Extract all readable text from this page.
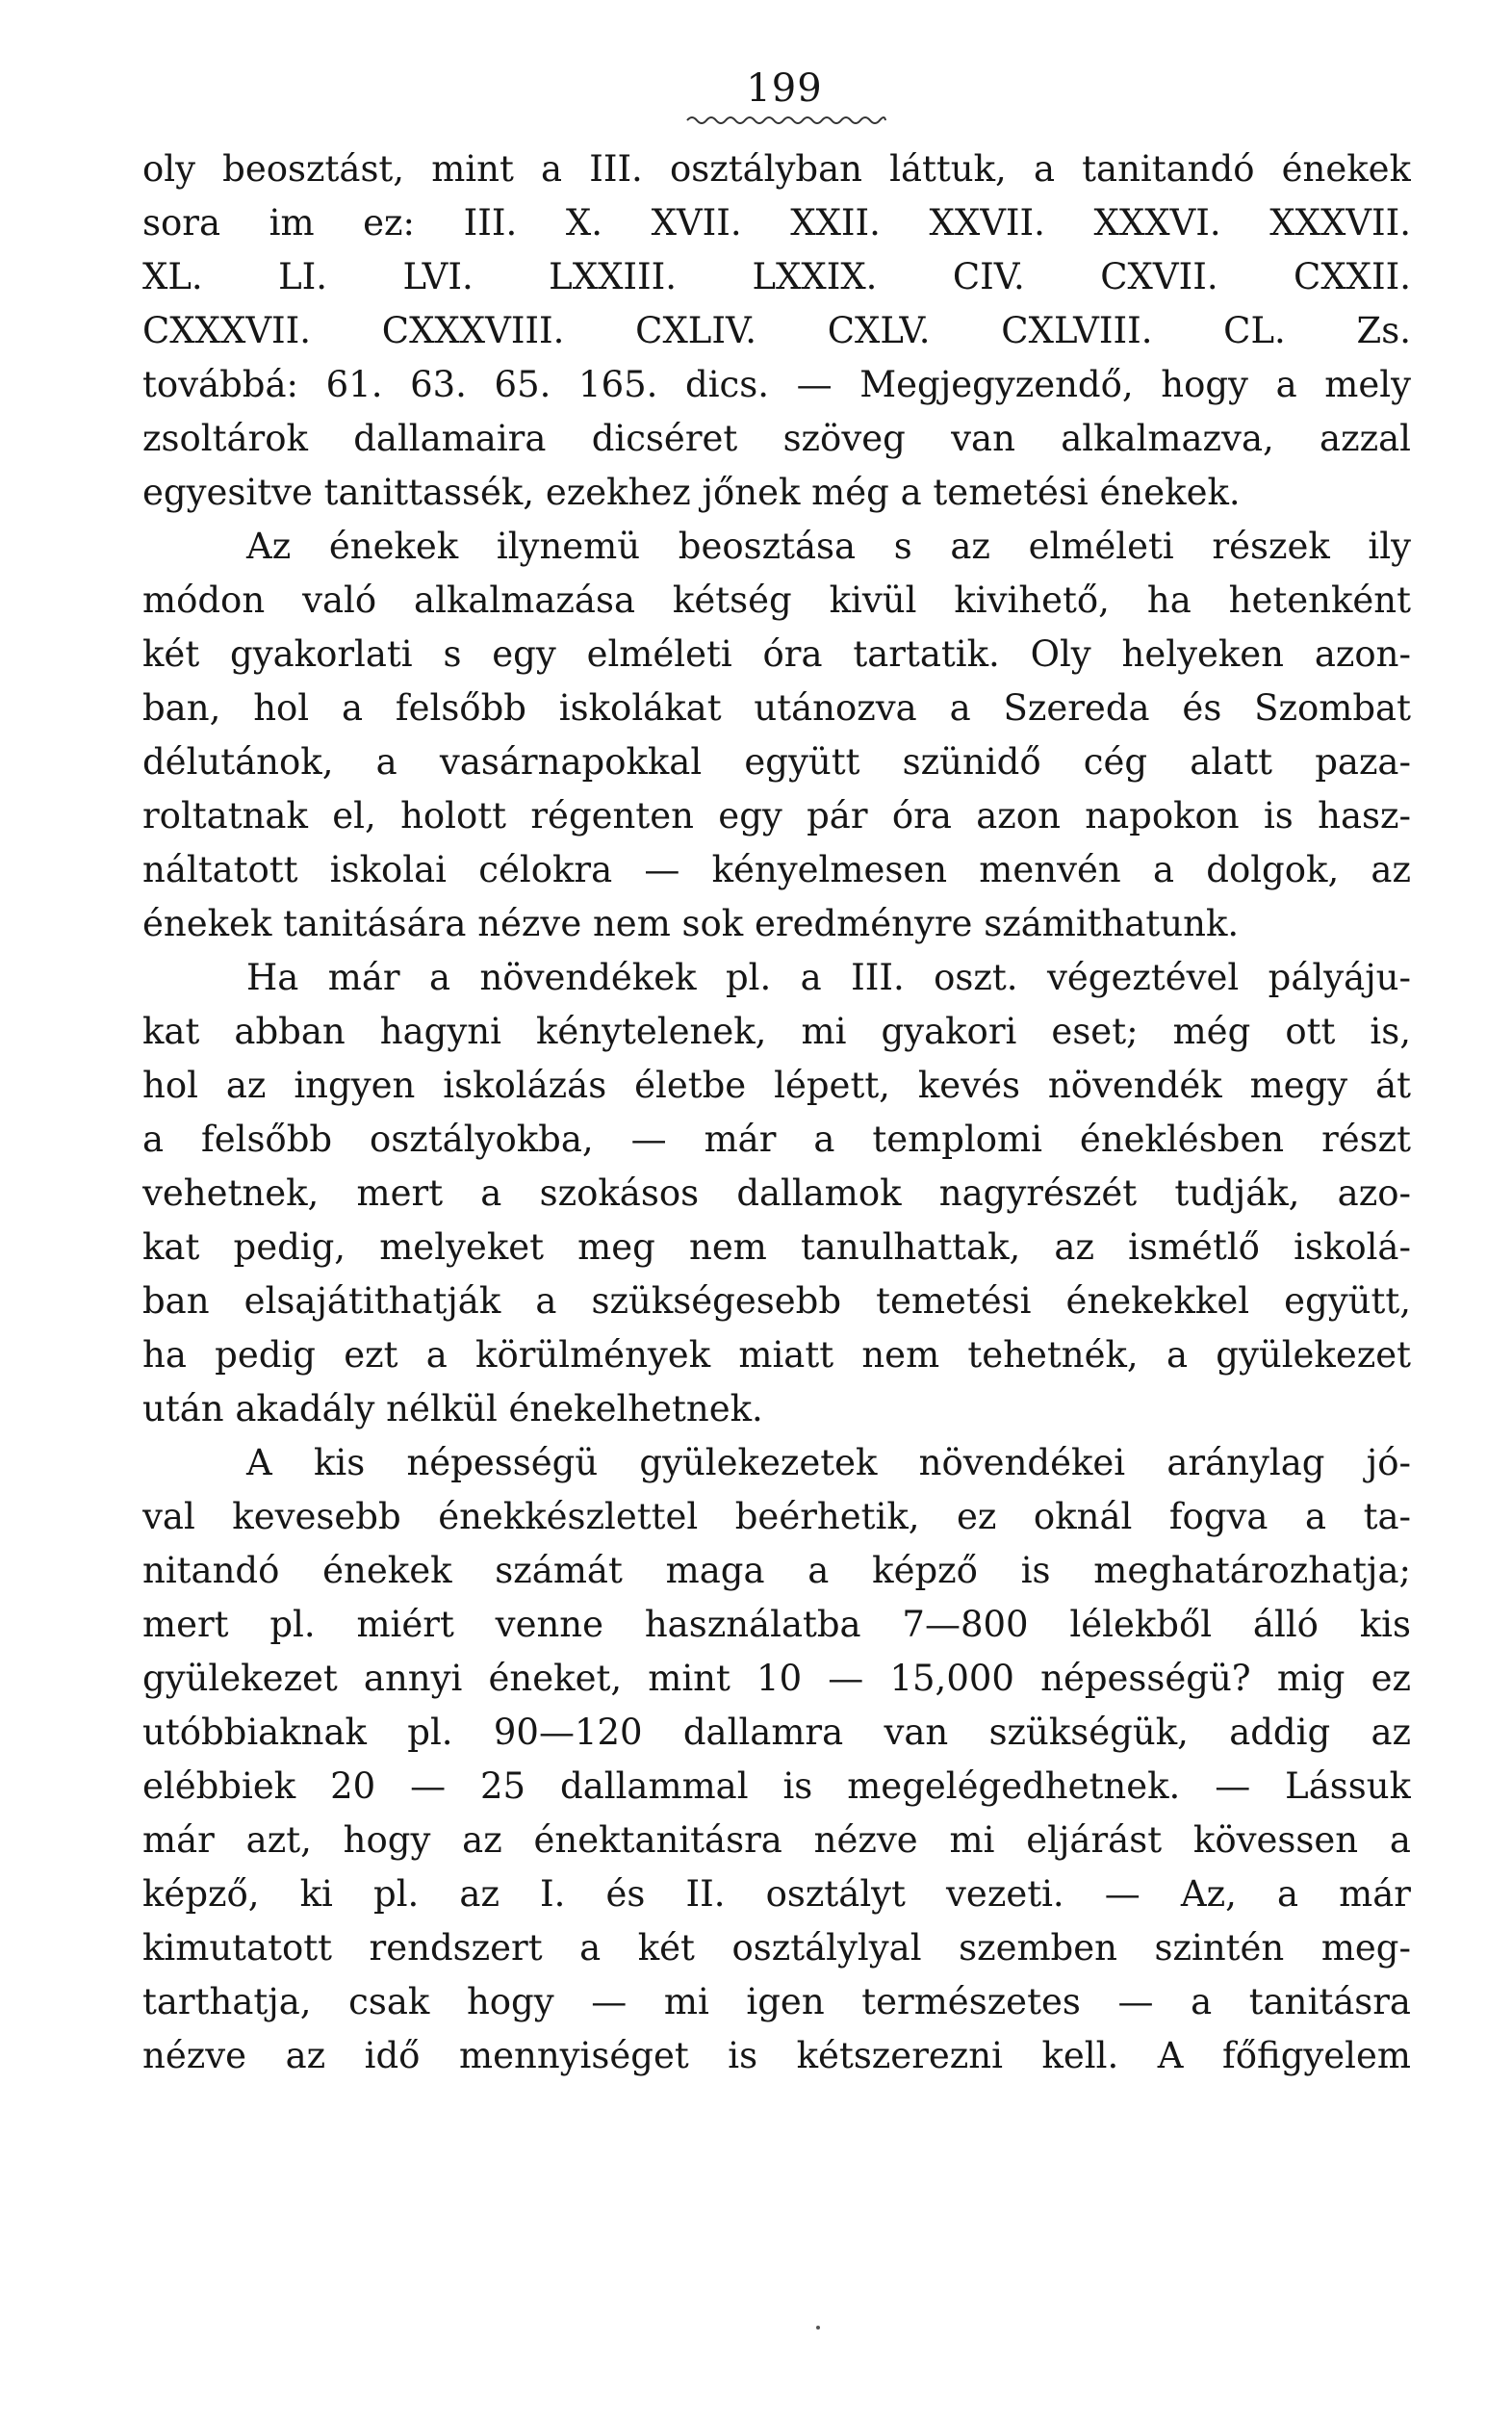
199
oly beosztást, mint a III. osztályban láttuk, a tanitandó énekek
sora im ez: III. X. XVII. XXII. XXVII. XXXVI. XXXVII.
XL. LI. LVI. LXXIII. LXXIX. CIV. CXVII. CXXII.
CXXXVII. CXXXVIII. CXLIV. CXLV. CXLVIII. CL. Zs.
továbbá: 61. 63. 65. 165. dics. — Megjegyzendő, hogy a mely
zsoltárok dallamaira dicséret szöveg van alkalmazva, azzal
egyesitve tanittassék, ezekhez jőnek még a temetési énekek.
Az énekek ilynemü beosztása s az elméleti részek ily
módon való alkalmazása kétség kivül kivihető, ha hetenként
két gyakorlati s egy elméleti óra tartatik. Oly helyeken azon-
ban, hol a felsőbb iskolákat utánozva a Szereda és Szombat
délutánok, a vasárnapokkal együtt szünidő cég alatt paza-
roltatnak el, holott régenten egy pár óra azon napokon is hasz-
náltatott iskolai célokra — kényelmesen menvén a dolgok, az
énekek tanitására nézve nem sok eredményre számithatunk.
Ha már a növendékek pl. a III. oszt. végeztével pályáju-
kat abban hagyni kénytelenek, mi gyakori eset; még ott is,
hol az ingyen iskolázás életbe lépett, kevés növendék megy át
a felsőbb osztályokba, — már a templomi éneklésben részt
vehetnek, mert a szokásos dallamok nagyrészét tudják, azo-
kat pedig, melyeket meg nem tanulhattak, az ismétlő iskolá-
ban elsajátithatják a szükségesebb temetési énekekkel együtt,
ha pedig ezt a körülmények miatt nem tehetnék, a gyülekezet
után akadály nélkül énekelhetnek.
A kis népességü gyülekezetek növendékei aránylag jó-
val kevesebb énekkészlettel beérhetik, ez oknál fogva a ta-
nitandó énekek számát maga a képző is meghatározhatja;
mert pl. miért venne használatba 7—800 lélekből álló kis
gyülekezet annyi éneket, mint 10 — 15,000 népességü? mig ez
utóbbiaknak pl. 90—120 dallamra van szükségük, addig az
elébbiek 20 — 25 dallammal is megelégedhetnek. — Lássuk
már azt, hogy az énektanitásra nézve mi eljárást kövessen a
képző, ki pl. az I. és II. osztályt vezeti. — Az, a már
kimutatott rendszert a két osztálylyal szemben szintén meg-
tarthatja, csak hogy — mi igen természetes — a tanitásra
nézve az idő mennyiséget is kétszerezni kell. A főfigyelem
